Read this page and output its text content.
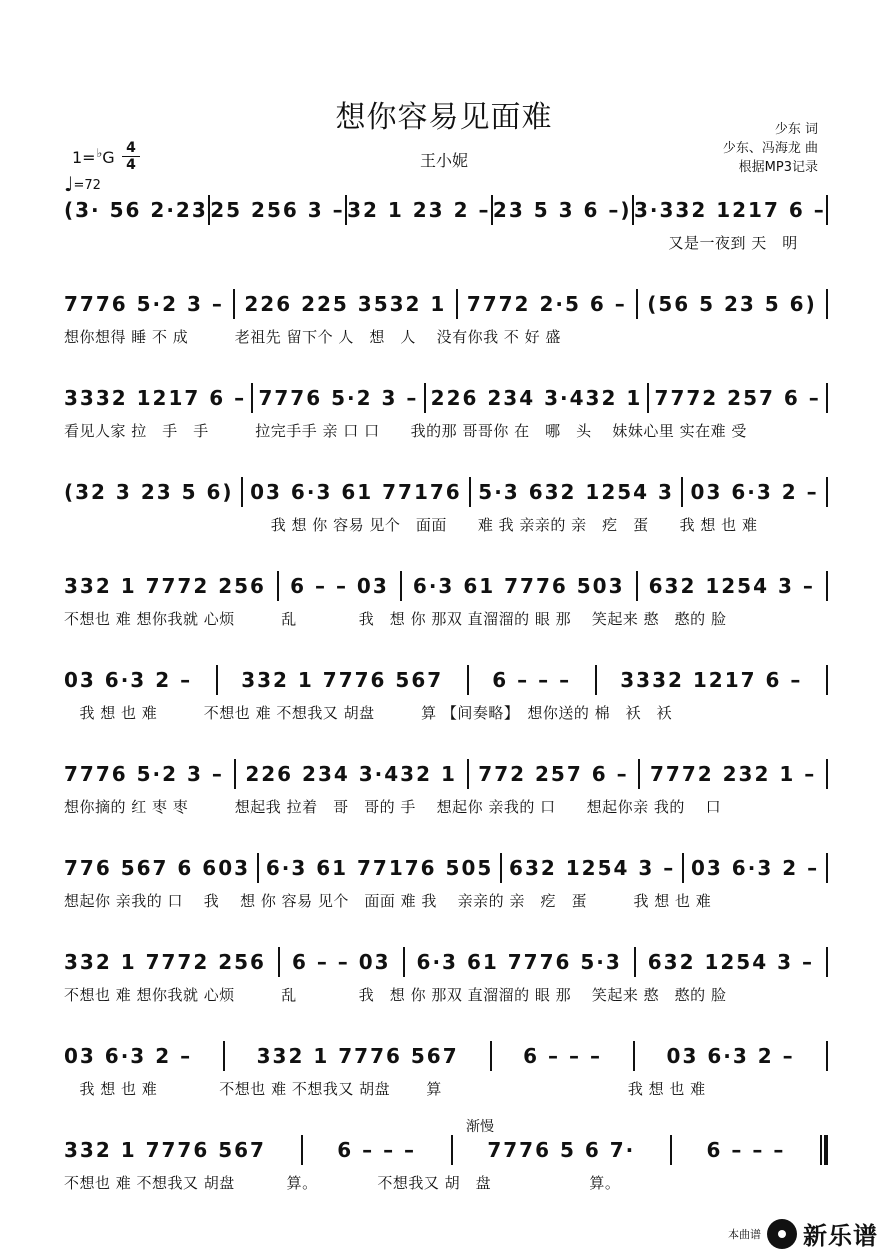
想你容易见面难
1=♭G 4
4
♩=72
王小妮
少东 词
少东、冯海龙 曲
根据MP3记录
(3· 56 2·23 25 256 3 – 32 1 23 2 – 23 5 3 6 –) 3·332 1217 6 –
　　　　　　　　　　　　　　　　　　　　　　　　　　　　　　　　　　　　　　　又是一夜到 天　明
7776 5·2 3 – 226 225 3532 1 7772 2·5 6 – (56 5 23 5 6)
想你想得 睡 不 成　　　老祖先 留下个 人　想　人　 没有你我 不 好 盛
3332 1217 6 – 7776 5·2 3 – 226 234 3·432 1 7772 257 6 –
看见人家 拉　手　手　　　拉完手手 亲 口 口　　我的那 哥哥你 在　哪　头　 妹妹心里 实在难 受
(32 3 23 5 6) 03 6·3 61 77176 5·3 632 1254 3 03 6·3 2 –
　　　　　　　　　　　　　 我 想 你 容易 见个　面面　　难 我 亲亲的 亲　疙　蛋　　我 想 也 难
332 1 7772 256 6 – – 03 6·3 61 7776 503 632 1254 3 –
不想也 难 想你我就 心烦　　　乱　　　　我　想 你 那双 直溜溜的 眼 那　 笑起来 憨　憨的 脸
03 6·3 2 – 332 1 7776 567 6 – – – 3332 1217 6 –
　我 想 也 难　　　不想也 难 不想我又 胡盘　　　算 【间奏略】　想你送的 棉　袄　袄
7776 5·2 3 – 226 234 3·432 1 772 257 6 – 7772 232 1 –
想你摘的 红 枣 枣　　　想起我 拉着　哥　哥的 手　 想起你 亲我的 口　　想起你亲 我的　 口
776 567 6 603 6·3 61 77176 505 632 1254 3 – 03 6·3 2 –
想起你 亲我的 口　 我　 想 你 容易 见个　面面 难 我　 亲亲的 亲　疙　蛋　　　我 想 也 难
332 1 7772 256 6 – – 03 6·3 61 7776 5·3 632 1254 3 –
不想也 难 想你我就 心烦　　　乱　　　　我　想 你 那双 直溜溜的 眼 那　 笑起来 憨　憨的 脸
03 6·3 2 –	332 1 7776 567	6 – – –	03 6·3 2 –
　我 想 也 难　　　　不想也 难 不想我又 胡盘　　 算　　　　　　　　　　　　我 想 也 难
332 1 7776 567	6 – – –	7776 5 6 7·	6 – – –
不想也 难 不想我又 胡盘　　　 算。　　　　 不想我又 胡　盘　　　　　　 算。
渐慢
本曲谱 新乐谱
